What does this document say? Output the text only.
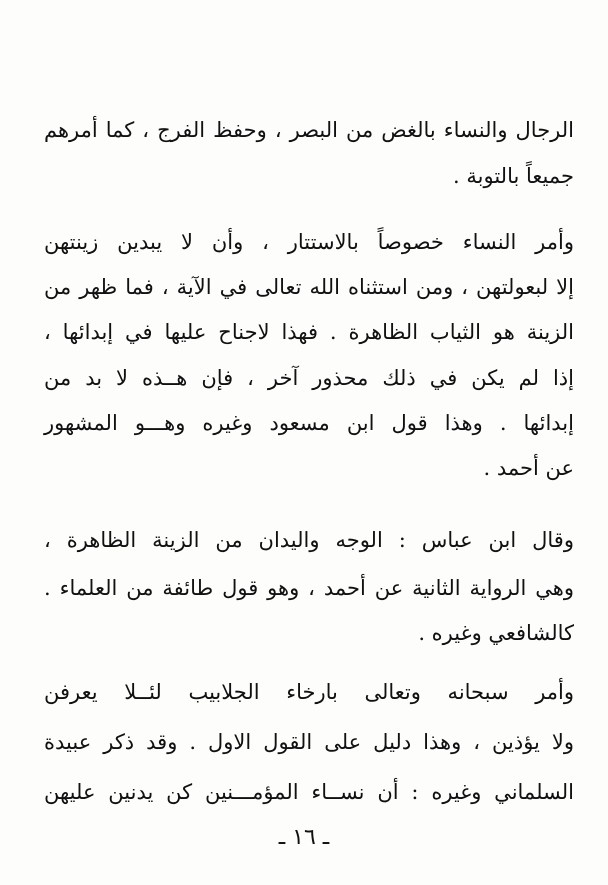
الرجال والنساء بالغض من البصر ، وحفظ الفرج ، كما أمرهم
جميعاً بالتوبة .
وأمر النساء خصوصاً بالاستتار ، وأن لا يبدين زينتهن
إلا لبعولتهن ، ومن استثناه الله تعالى في الآية ، فما ظهر من
الزينة هو الثياب الظاهرة . فهذا لاجناح عليها في إبدائها ،
إذا لم يكن في ذلك محذور آخر ، فإن هــذه لا بد من
إبدائها . وهذا قول ابن مسعود وغيره وهـــو المشهور
عن أحمد .
وقال ابن عباس : الوجه واليدان من الزينة الظاهرة ،
وهي الرواية الثانية عن أحمد ، وهو قول طائفة من العلماء .
كالشافعي وغيره .
وأمر سبحانه وتعالى بارخاء الجلابيب لئــلا يعرفن
ولا يؤذين ، وهذا دليل على القول الاول . وقد ذكر عبيدة
السلماني وغيره : أن نســاء المؤمـــنين كن يدنين عليهن
ـ ١٦ ـ
